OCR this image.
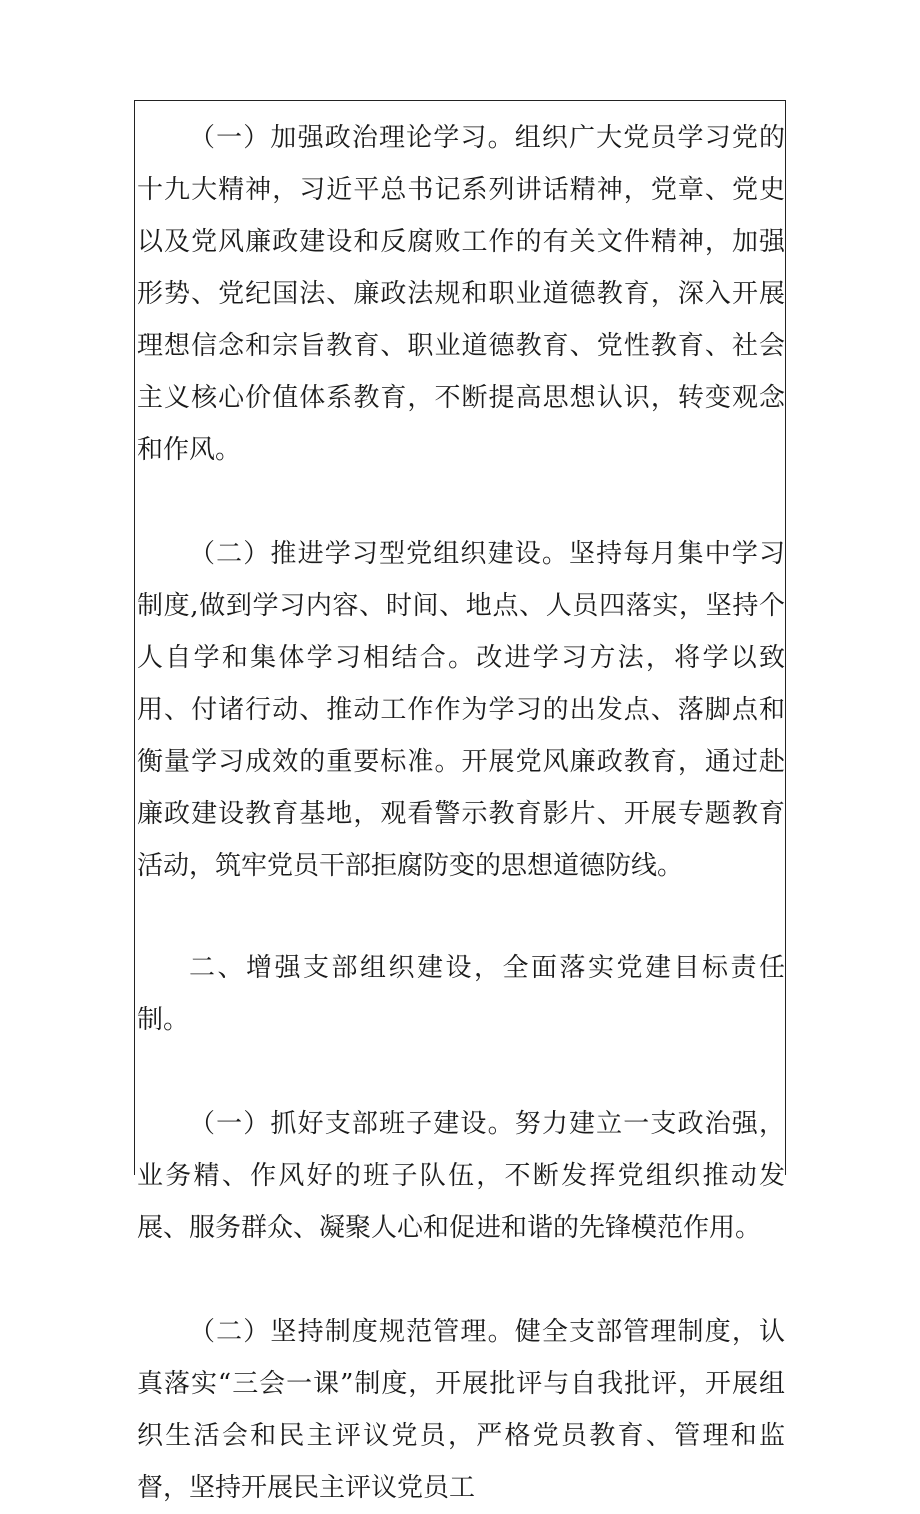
（一）加强政治理论学习。组织广大党员学习党的十九大精神，习近平总书记系列讲话精神，党章、党史以及党风廉政建设和反腐败工作的有关文件精神，加强形势、党纪国法、廉政法规和职业道德教育，深入开展理想信念和宗旨教育、职业道德教育、党性教育、社会主义核心价值体系教育，不断提高思想认识，转变观念和作风。

（二）推进学习型党组织建设。坚持每月集中学习制度,做到学习内容、时间、地点、人员四落实，坚持个人自学和集体学习相结合。改进学习方法，将学以致用、付诸行动、推动工作作为学习的出发点、落脚点和衡量学习成效的重要标准。开展党风廉政教育，通过赴廉政建设教育基地，观看警示教育影片、开展专题教育活动，筑牢党员干部拒腐防变的思想道德防线。

二、增强支部组织建设，全面落实党建目标责任制。

（一）抓好支部班子建设。努力建立一支政治强，业务精、作风好的班子队伍，不断发挥党组织推动发展、服务群众、凝聚人心和促进和谐的先锋模范作用。

（二）坚持制度规范管理。健全支部管理制度，认真落实“三会一课”制度，开展批评与自我批评，开展组织生活会和民主评议党员，严格党员教育、管理和监督，坚持开展民主评议党员工
